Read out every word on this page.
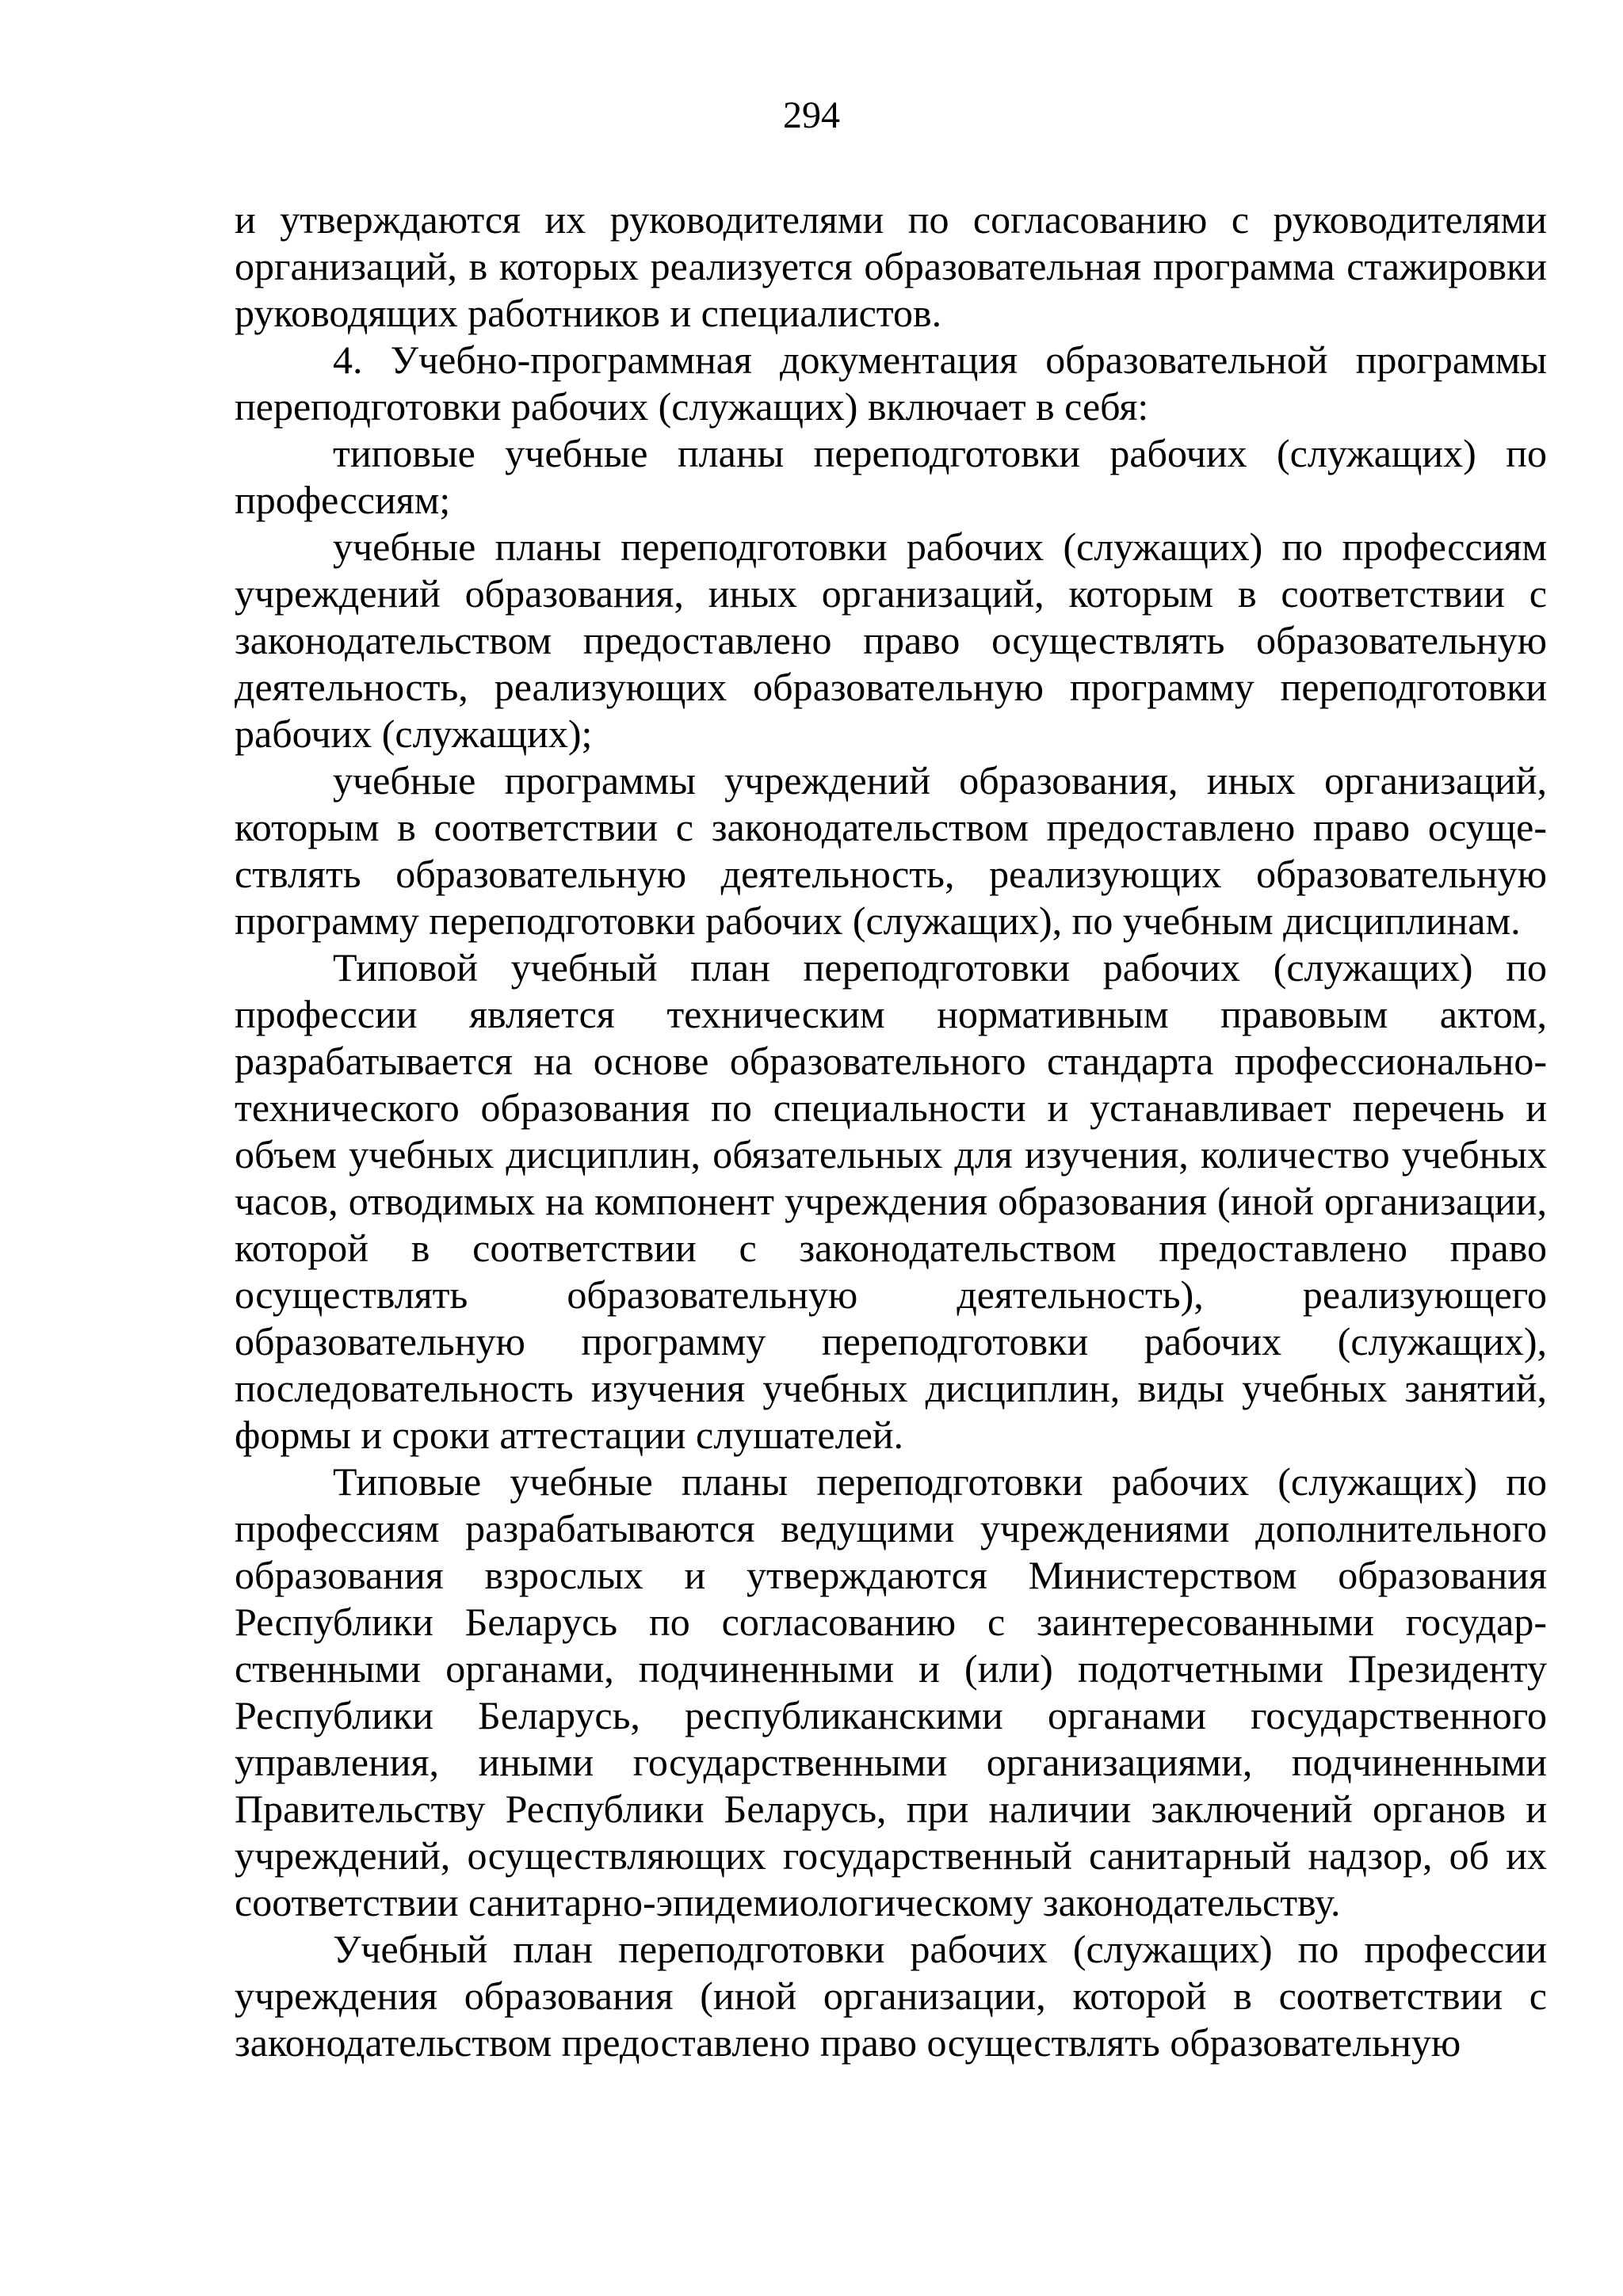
294

и утверждаются их руководителями по согласованию с руководителями организаций, в которых реализуется образовательная программа стажировки руководящих работников и специалистов.

4. Учебно-программная документация образовательной программы переподготовки рабочих (служащих) включает в себя:

типовые учебные планы переподготовки рабочих (служащих) по профессиям;

учебные планы переподготовки рабочих (служащих) по профессиям учреждений образования, иных организаций, которым в соответствии с законодательством предоставлено право осуществлять образовательную деятельность, реализующих образовательную программу переподготовки рабочих (служащих);

учебные программы учреждений образования, иных организаций, которым в соответствии с законодательством предоставлено право осуществлять образовательную деятельность, реализующих образовательную программу переподготовки рабочих (служащих), по учебным дисциплинам.

Типовой учебный план переподготовки рабочих (служащих) по профессии является техническим нормативным правовым актом, разрабатывается на основе образовательного стандарта профессионально-технического образования по специальности и устанавливает перечень и объем учебных дисциплин, обязательных для изучения, количество учебных часов, отводимых на компонент учреждения образования (иной организации, которой в соответствии с законодательством предоставлено право осуществлять образовательную деятельность), реализующего образовательную программу переподготовки рабочих (служащих), последовательность изучения учебных дисциплин, виды учебных занятий, формы и сроки аттестации слушателей.

Типовые учебные планы переподготовки рабочих (служащих) по профессиям разрабатываются ведущими учреждениями дополнительного образования взрослых и утверждаются Министерством образования Республики Беларусь по согласованию с заинтересованными государственными органами, подчиненными и (или) подотчетными Президенту Республики Беларусь, республиканскими органами государственного управления, иными государственными организациями, подчиненными Правительству Республики Беларусь, при наличии заключений органов и учреждений, осуществляющих государственный санитарный надзор, об их соответствии санитарно-эпидемиологическому законодательству.

Учебный план переподготовки рабочих (служащих) по профессии учреждения образования (иной организации, которой в соответствии с законодательством предоставлено право осуществлять образовательную
